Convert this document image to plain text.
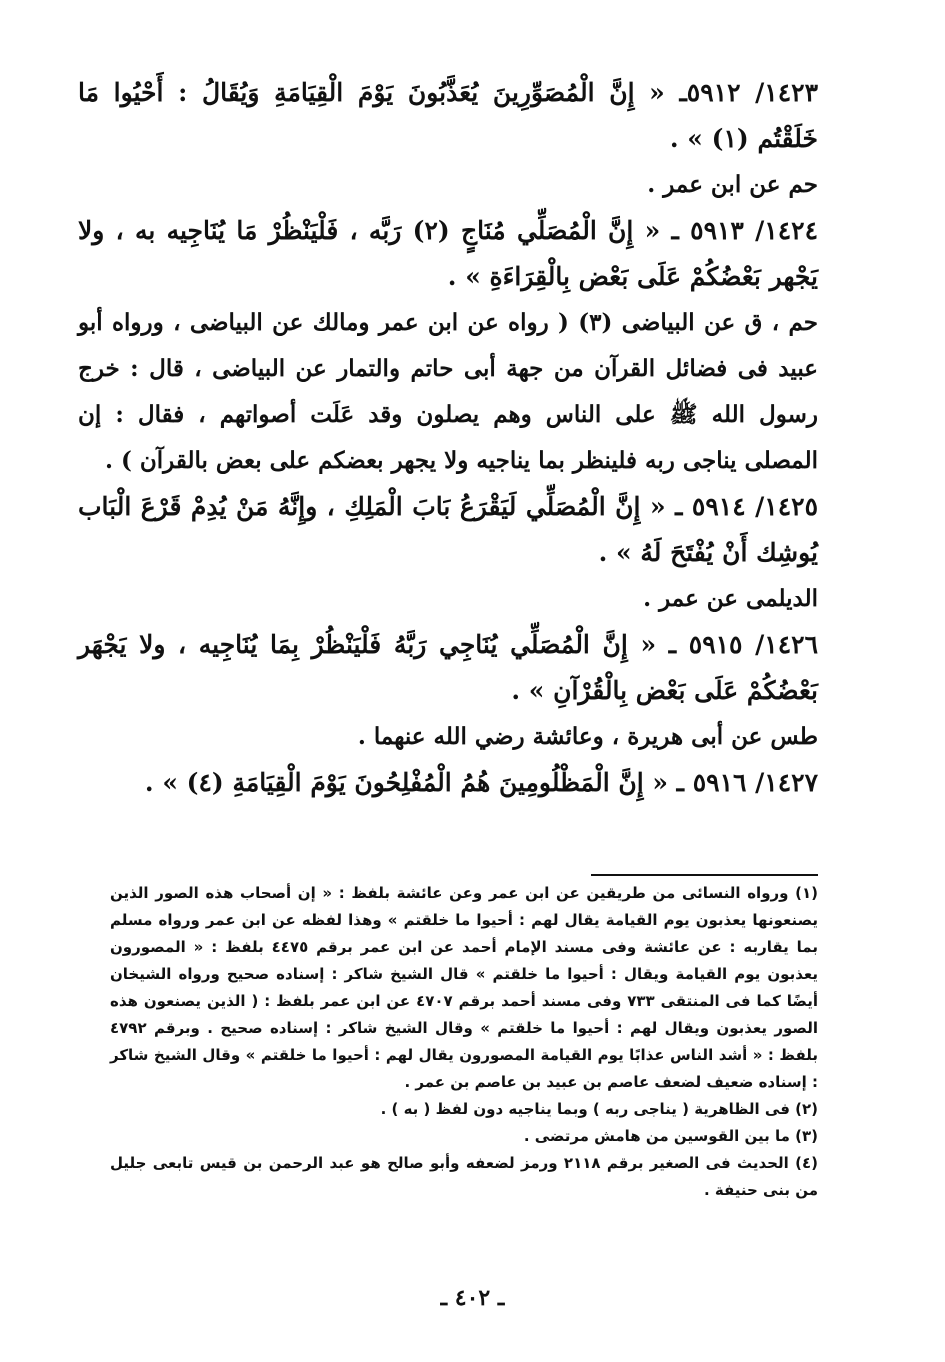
١٤٢٣/ ٥٩١٢ـ « إِنَّ الْمُصَوِّرِينَ يُعَذَّبُونَ يَوْمَ الْقِيَامَةِ وَيُقَالُ : أَحْيُوا مَا خَلَقْتُم (١) » .

حم عن ابن عمر .

١٤٢٤/ ٥٩١٣ ـ « إِنَّ الْمُصَلِّي مُنَاجٍ (٢) رَبَّه ، فَلْيَنْظُرْ مَا يُنَاجِيه به ، ولا يَجْهر بَعْضُكُمْ عَلَى بَعْض بِالْقِرَاءَةِ » .

حم ، ق عن البياضى (٣) ( رواه عن ابن عمر ومالك عن البياضى ، ورواه أبو عبيد فى فضائل القرآن من جهة أبى حاتم والتمار عن البياضى ، قال : خرج رسول الله ﷺ على الناس وهم يصلون وقد عَلَت أصواتهم ، فقال : إن المصلى يناجى ربه فلينظر بما يناجيه ولا يجهر بعضكم على بعض بالقرآن ) .

١٤٢٥/ ٥٩١٤ ـ « إِنَّ الْمُصَلِّي لَيَقْرَعُ بَابَ الْمَلِكِ ، وإِنَّهُ مَنْ يُدِمْ قَرْعَ الْبَاب يُوشِك أَنْ يُفْتَحَ لَهُ » .

الديلمى عن عمر .

١٤٢٦/ ٥٩١٥ ـ « إِنَّ الْمُصَلِّي يُنَاجِي رَبَّهُ فَلْيَنْظُرْ بِمَا يُنَاجِيه ، ولا يَجْهَر بَعْضُكُمْ عَلَى بَعْض بِالْقُرْآنِ » .

طس عن أبى هريرة ، وعائشة رضي الله عنهما .

١٤٢٧/ ٥٩١٦ ـ « إِنَّ الْمَظْلُومِينَ هُمُ الْمُفْلِحُونَ يَوْمَ الْقِيَامَةِ (٤) » .

(١) ورواه النسائى من طريقين عن ابن عمر وعن عائشة بلفظ : « إن أصحاب هذه الصور الذين يصنعونها يعذبون يوم القيامة يقال لهم : أحيوا ما خلقتم » وهذا لفظه عن ابن عمر ورواه مسلم بما يقاربه : عن عائشة وفى مسند الإمام أحمد عن ابن عمر برقم ٤٤٧٥ بلفظ : « المصورون يعذبون يوم القيامة ويقال : أحيوا ما خلقتم » قال الشيخ شاكر : إسناده صحيح ورواه الشيخان أيضًا كما فى المنتقى ٧٣٣ وفى مسند أحمد برقم ٤٧٠٧ عن ابن عمر بلفظ : ( الذين يصنعون هذه الصور يعذبون ويقال لهم : أحيوا ما خلقتم » وقال الشيخ شاكر : إسناده صحيح . وبرقم ٤٧٩٢ بلفظ : « أشد الناس عذابًا يوم القيامة المصورون يقال لهم : أحيوا ما خلقتم » وقال الشيخ شاكر : إسناده ضعيف لضعف عاصم بن عبيد بن عاصم بن عمر .

(٢) فى الظاهرية ( يناجى ربه ) وبما يناجيه دون لفظ ( به ) .

(٣) ما بين القوسين من هامش مرتضى .

(٤) الحديث فى الصغير برقم ٢١١٨ ورمز لضعفه وأبو صالح هو عبد الرحمن بن قيس تابعى جليل من بنى حنيفة .

ـ ٤٠٢ ـ
